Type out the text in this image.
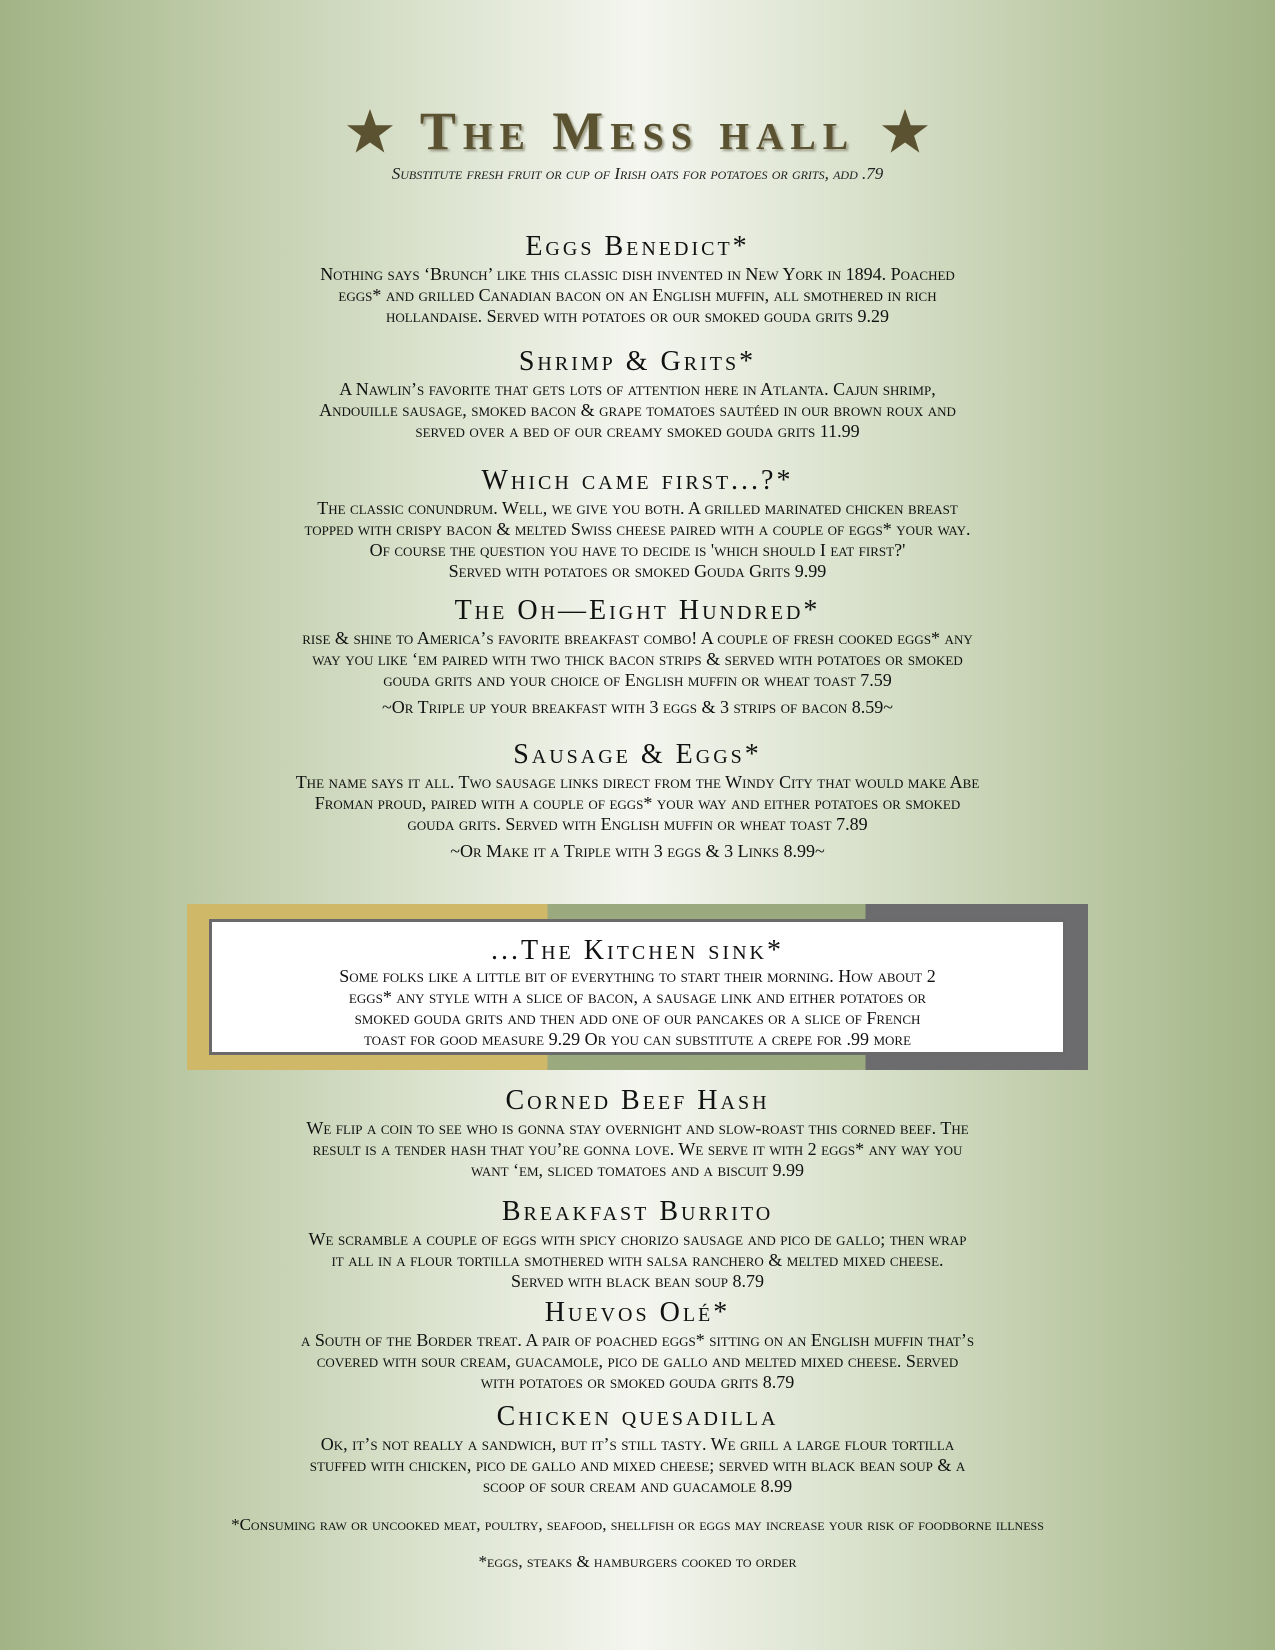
The Mess hall
Substitute fresh fruit or cup of Irish oats for potatoes or grits, add .79
Eggs Benedict*
Nothing says ‘Brunch’ like this classic dish invented in New York in 1894. Poached
eggs* and grilled Canadian bacon on an English muffin, all smothered in rich
hollandaise. Served with potatoes or our smoked gouda grits 9.29
Shrimp & Grits*
A Nawlin’s favorite that gets lots of attention here in Atlanta. Cajun shrimp,
Andouille sausage, smoked bacon & grape tomatoes sautéed in our brown roux and
served over a bed of our creamy smoked gouda grits 11.99
Which came first...?*
The classic conundrum. Well, we give you both. A grilled marinated chicken breast
topped with crispy bacon & melted Swiss cheese paired with a couple of eggs* your way.
Of course the question you have to decide is 'which should I eat first?'
Served with potatoes or smoked Gouda Grits 9.99
The Oh—Eight Hundred*
rise & shine to America’s favorite breakfast combo! A couple of fresh cooked eggs* any
way you like ‘em paired with two thick bacon strips & served with potatoes or smoked
gouda grits and your choice of English muffin or wheat toast 7.59
~Or Triple up your breakfast with 3 eggs & 3 strips of bacon 8.59~
Sausage & Eggs*
The name says it all. Two sausage links direct from the Windy City that would make Abe
Froman proud, paired with a couple of eggs* your way and either potatoes or smoked
gouda grits. Served with English muffin or wheat toast 7.89
~Or Make it a Triple with 3 eggs & 3 Links 8.99~
...The Kitchen sink*
Some folks like a little bit of everything to start their morning. How about 2
eggs* any style with a slice of bacon, a sausage link and either potatoes or
smoked gouda grits and then add one of our pancakes or a slice of French
toast for good measure 9.29 Or you can substitute a crepe for .99 more
Corned Beef Hash
We flip a coin to see who is gonna stay overnight and slow-roast this corned beef. The
result is a tender hash that you’re gonna love. We serve it with 2 eggs* any way you
want ‘em, sliced tomatoes and a biscuit 9.99
Breakfast Burrito
We scramble a couple of eggs with spicy chorizo sausage and pico de gallo; then wrap
it all in a flour tortilla smothered with salsa ranchero & melted mixed cheese.
Served with black bean soup 8.79
Huevos Olé*
a South of the Border treat. A pair of poached eggs* sitting on an English muffin that’s
covered with sour cream, guacamole, pico de gallo and melted mixed cheese. Served
with potatoes or smoked gouda grits 8.79
Chicken quesadilla
Ok, it’s not really a sandwich, but it’s still tasty. We grill a large flour tortilla
stuffed with chicken, pico de gallo and mixed cheese; served with black bean soup & a
scoop of sour cream and guacamole 8.99
*Consuming raw or uncooked meat, poultry, seafood, shellfish or eggs may increase your risk of foodborne illness
*eggs, steaks & hamburgers cooked to order
